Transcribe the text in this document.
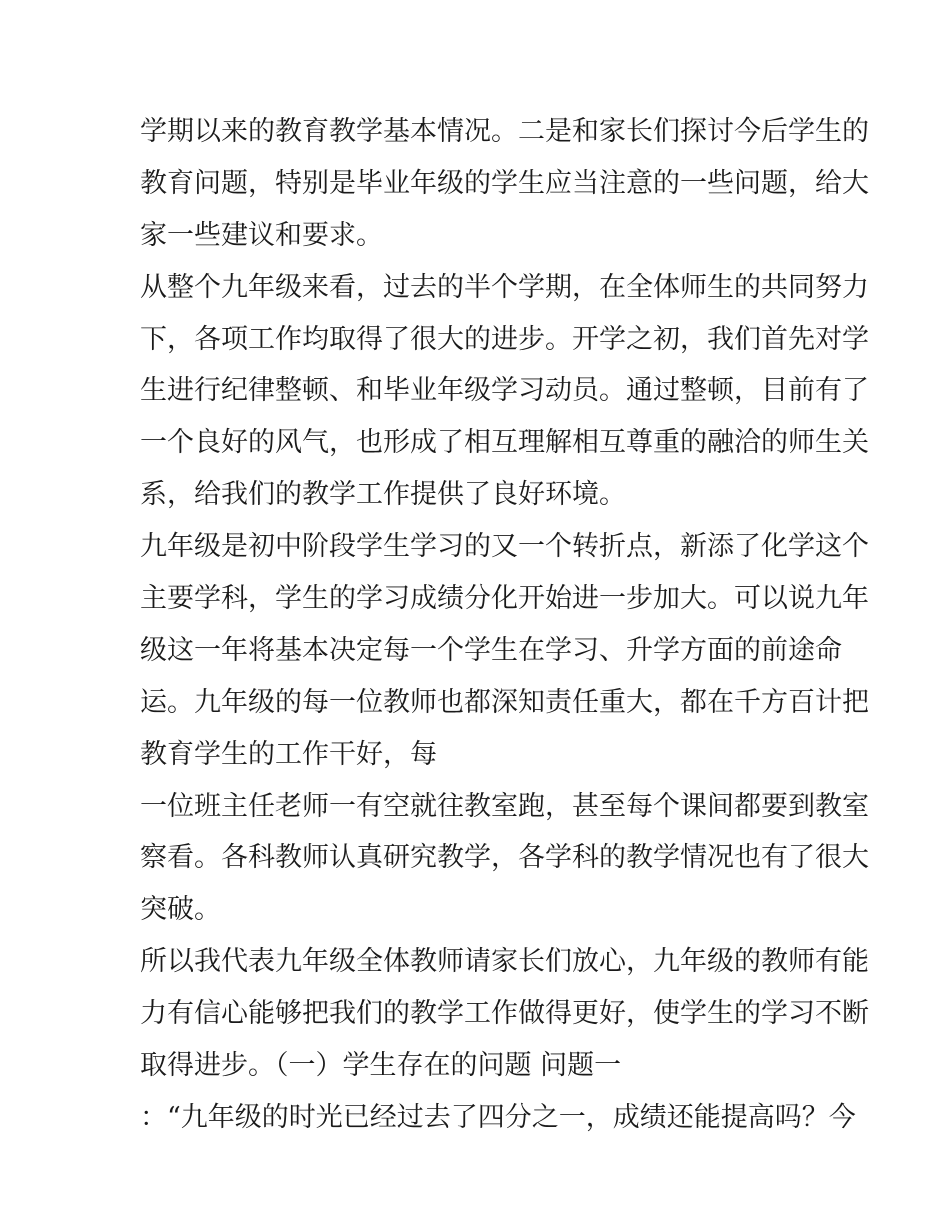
学期以来的教育教学基本情况。二是和家长们探讨今后学生的
教育问题，特别是毕业年级的学生应当注意的一些问题，给大
家一些建议和要求。
从整个九年级来看，过去的半个学期，在全体师生的共同努力
下，各项工作均取得了很大的进步。开学之初，我们首先对学
生进行纪律整顿、和毕业年级学习动员。通过整顿，目前有了
一个良好的风气，也形成了相互理解相互尊重的融洽的师生关
系，给我们的教学工作提供了良好环境。
九年级是初中阶段学生学习的又一个转折点，新添了化学这个
主要学科，学生的学习成绩分化开始进一步加大。可以说九年
级这一年将基本决定每一个学生在学习、升学方面的前途命
运。九年级的每一位教师也都深知责任重大，都在千方百计把
教育学生的工作干好，每
一位班主任老师一有空就往教室跑，甚至每个课间都要到教室
察看。各科教师认真研究教学，各学科的教学情况也有了很大
突破。
所以我代表九年级全体教师请家长们放心，九年级的教师有能
力有信心能够把我们的教学工作做得更好，使学生的学习不断
取得进步。（一）学生存在的问题 问题一
：“九年级的时光已经过去了四分之一，成绩还能提高吗？今
